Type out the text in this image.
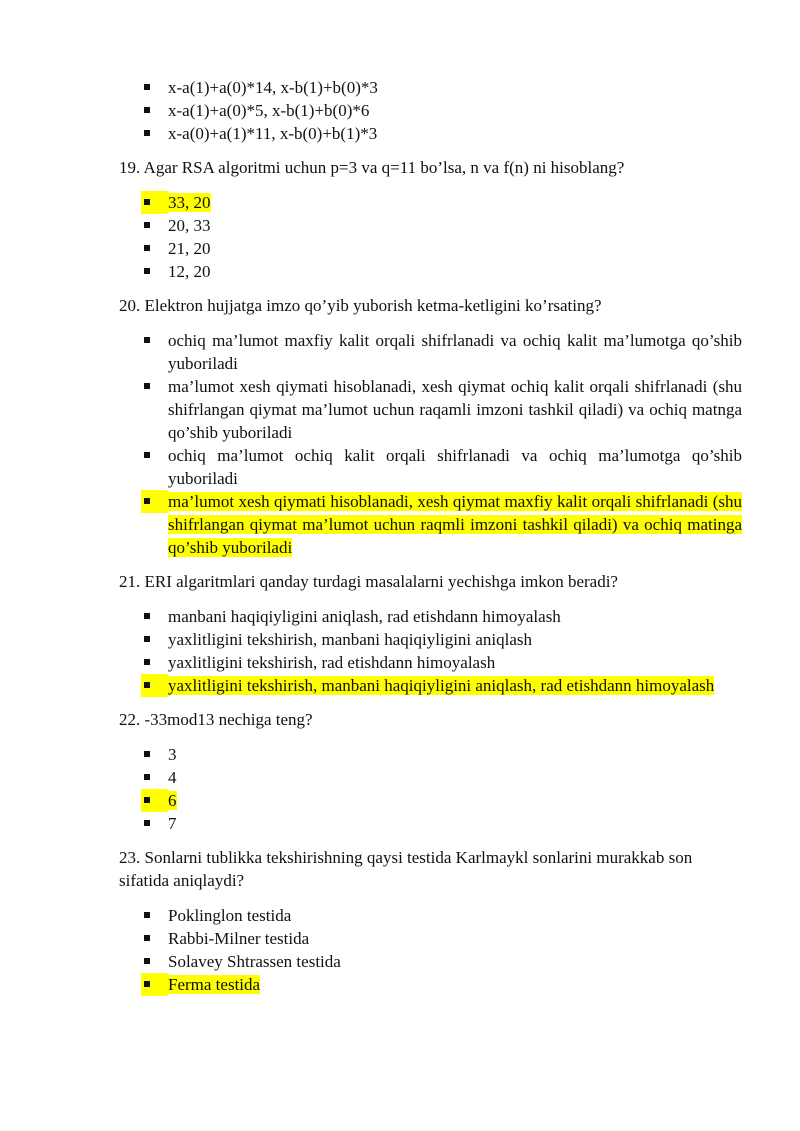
x-a(1)+a(0)*14, x-b(1)+b(0)*3
x-a(1)+a(0)*5, x-b(1)+b(0)*6
x-a(0)+a(1)*11, x-b(0)+b(1)*3
19. Agar RSA algoritmi uchun p=3 va q=11 bo’lsa, n va f(n) ni hisoblang?
33, 20
20, 33
21, 20
12, 20
20. Elektron hujjatga imzo qo’yib yuborish ketma-ketligini ko’rsating?
ochiq ma’lumot maxfiy kalit orqali shifrlanadi va ochiq kalit ma’lumotga qo’shib yuboriladi
ma’lumot xesh qiymati hisoblanadi, xesh qiymat ochiq kalit orqali shifrlanadi (shu shifrlangan qiymat ma’lumot uchun raqamli imzoni tashkil qiladi) va ochiq matnga qo’shib yuboriladi
ochiq ma’lumot ochiq kalit orqali shifrlanadi va ochiq ma’lumotga qo’shib yuboriladi
ma’lumot xesh qiymati hisoblanadi, xesh qiymat maxfiy kalit orqali shifrlanadi (shu shifrlangan qiymat ma’lumot uchun raqmli imzoni tashkil qiladi) va ochiq matinga qo’shib yuboriladi
21. ERI algaritmlari qanday turdagi masalalarni yechishga imkon beradi?
manbani haqiqiyligini aniqlash, rad etishdann himoyalash
yaxlitligini tekshirish, manbani haqiqiyligini aniqlash
yaxlitligini tekshirish, rad etishdann himoyalash
yaxlitligini tekshirish, manbani haqiqiyligini aniqlash, rad etishdann himoyalash
22. -33mod13 nechiga teng?
3
4
6
7
23. Sonlarni tublikka tekshirishning qaysi testida Karlmaykl sonlarini murakkab son sifatida aniqlaydi?
Poklinglon testida
Rabbi-Milner testida
Solavey Shtrassen testida
Ferma testida
